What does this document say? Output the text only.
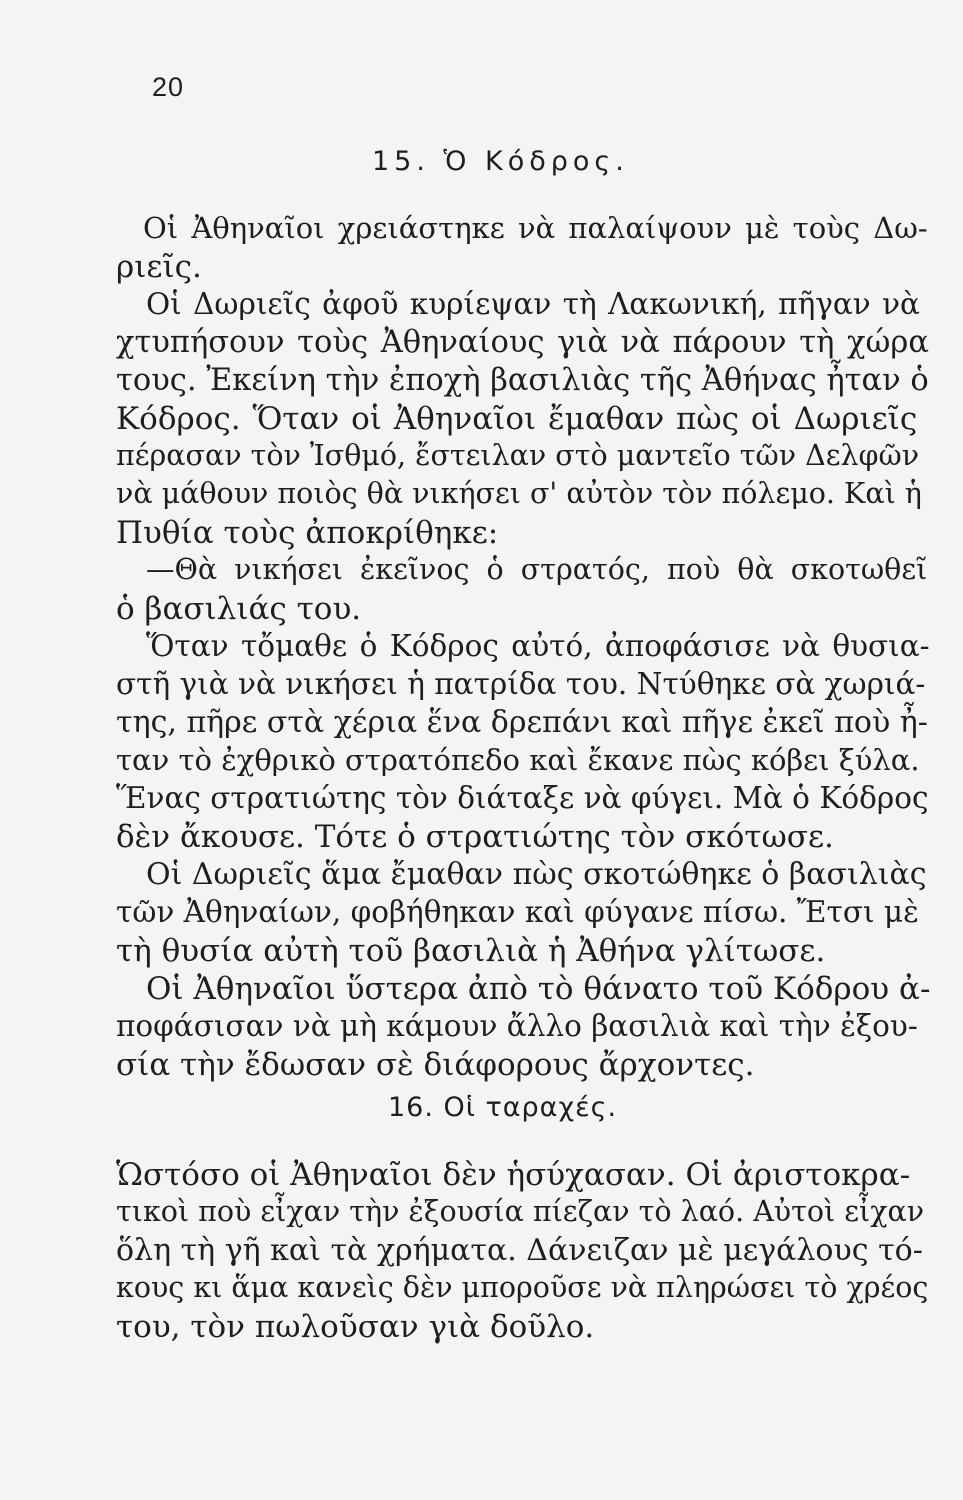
20
15. Ὁ Κόδρος.
Οἱ Ἀθηναῖοι χρειάστηκε νὰ παλαίψουν μὲ τοὺς Δω-
ριεῖς.
Οἱ Δωριεῖς ἀφοῦ κυρίεψαν τὴ Λακωνική, πῆγαν νὰ
χτυπήσουν τοὺς Ἀθηναίους γιὰ νὰ πάρουν τὴ χώρα
τους. Ἐκείνη τὴν ἐποχὴ βασιλιὰς τῆς Ἀθήνας ἦταν ὁ
Κόδρος. Ὅταν οἱ Ἀθηναῖοι ἔμαθαν πὼς οἱ Δωριεῖς
πέρασαν τὸν Ἰσθμό, ἔστειλαν στὸ μαντεῖο τῶν Δελφῶν
νὰ μάθουν ποιὸς θὰ νικήσει σ' αὐτὸν τὸν πόλεμο. Καὶ ἡ
Πυθία τοὺς ἀποκρίθηκε:
—Θὰ νικήσει ἐκεῖνος ὁ στρατός, ποὺ θὰ σκοτωθεῖ
ὁ βασιλιάς του.
Ὅταν τὄμαθε ὁ Κόδρος αὐτό, ἀποφάσισε νὰ θυσια-
στῆ γιὰ νὰ νικήσει ἡ πατρίδα του. Ντύθηκε σὰ χωριά-
της, πῆρε στὰ χέρια ἕνα δρεπάνι καὶ πῆγε ἐκεῖ ποὺ ἦ-
ταν τὸ ἐχθρικὸ στρατόπεδο καὶ ἔκανε πὼς κόβει ξύλα.
Ἕνας στρατιώτης τὸν διάταξε νὰ φύγει. Μὰ ὁ Κόδρος
δὲν ἄκουσε. Τότε ὁ στρατιώτης τὸν σκότωσε.
Οἱ Δωριεῖς ἅμα ἔμαθαν πὼς σκοτώθηκε ὁ βασιλιὰς
τῶν Ἀθηναίων, φοβήθηκαν καὶ φύγανε πίσω. Ἔτσι μὲ
τὴ θυσία αὐτὴ τοῦ βασιλιὰ ἡ Ἀθήνα γλίτωσε.
Οἱ Ἀθηναῖοι ὕστερα ἀπὸ τὸ θάνατο τοῦ Κόδρου ἀ-
ποφάσισαν νὰ μὴ κάμουν ἄλλο βασιλιὰ καὶ τὴν ἐξου-
σία τὴν ἔδωσαν σὲ διάφορους ἄρχοντες.
16. Οἱ ταραχές.
Ὡστόσο οἱ Ἀθηναῖοι δὲν ἡσύχασαν. Οἱ ἀριστοκρα-
τικοὶ ποὺ εἶχαν τὴν ἐξουσία πίεζαν τὸ λαό. Αὐτοὶ εἶχαν
ὅλη τὴ γῆ καὶ τὰ χρήματα. Δάνειζαν μὲ μεγάλους τό-
κους κι ἅμα κανεὶς δὲν μποροῦσε νὰ πληρώσει τὸ χρέος
του, τὸν πωλοῦσαν γιὰ δοῦλο.
